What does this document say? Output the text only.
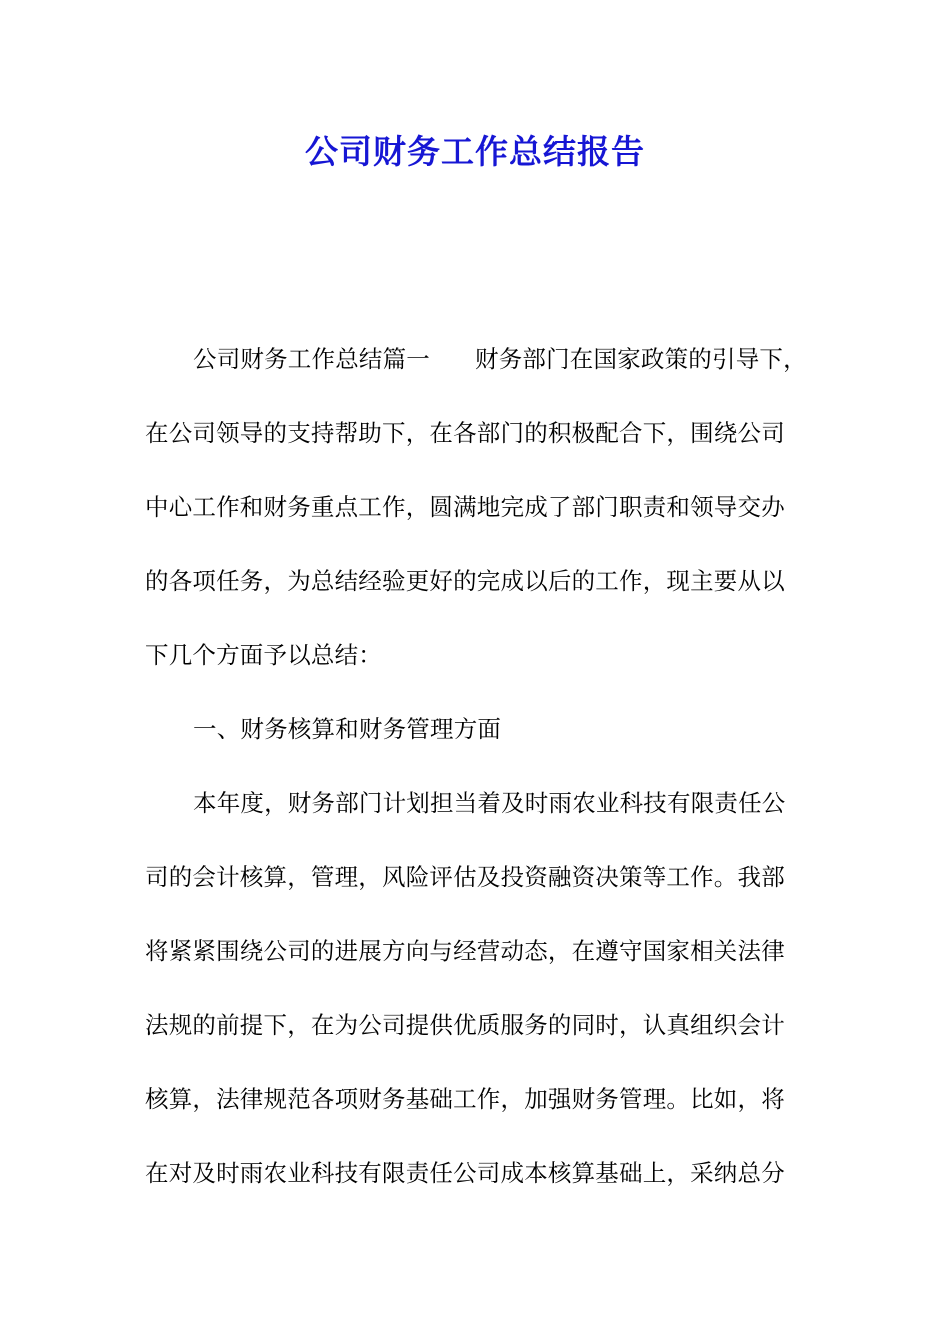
公司财务工作总结报告
公司财务工作总结篇一 财务部门在国家政策的引导下，
在公司领导的支持帮助下，在各部门的积极配合下，围绕公司
中心工作和财务重点工作，圆满地完成了部门职责和领导交办
的各项任务，为总结经验更好的完成以后的工作，现主要从以
下几个方面予以总结：
一、财务核算和财务管理方面
本年度，财务部门计划担当着及时雨农业科技有限责任公
司的会计核算，管理，风险评估及投资融资决策等工作。我部
将紧紧围绕公司的进展方向与经营动态，在遵守国家相关法律
法规的前提下，在为公司提供优质服务的同时，认真组织会计
核算，法律规范各项财务基础工作，加强财务管理。比如，将
在对及时雨农业科技有限责任公司成本核算基础上，采纳总分
